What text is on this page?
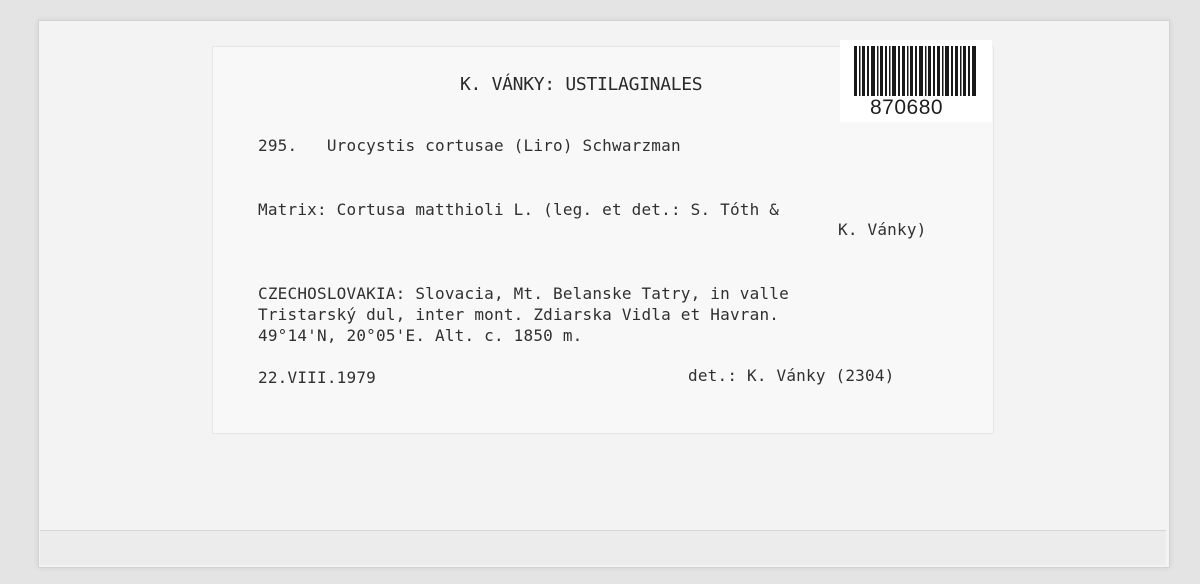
K. VÁNKY: USTILAGINALES
870680
295.   Urocystis cortusae (Liro) Schwarzman
Matrix: Cortusa matthioli L. (leg. et det.: S. Tóth &
K. Vánky)
CZECHOSLOVAKIA: Slovacia, Mt. Belanske Tatry, in valle
Tristarský dul, inter mont. Zdiarska Vidla et Havran.
49°14'N, 20°05'E. Alt. c. 1850 m.
22.VIII.1979	det.: K. Vánky (2304)
